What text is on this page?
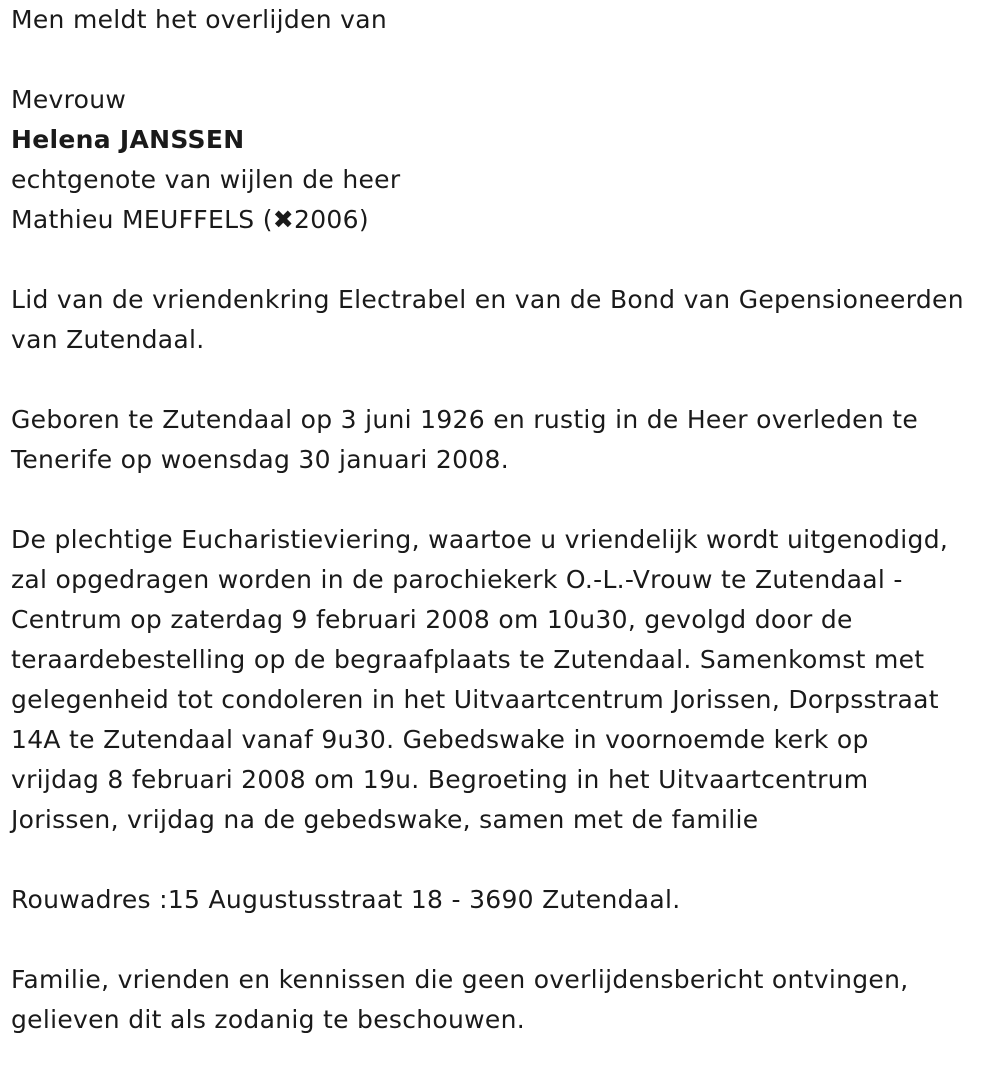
Men meldt het overlijden van
Mevrouw
Helena JANSSEN
echtgenote van wijlen de heer
Mathieu MEUFFELS (✖2006)
Lid van de vriendenkring Electrabel en van de Bond van Gepensioneerden
van Zutendaal.
Geboren te Zutendaal op 3 juni 1926 en rustig in de Heer overleden te
Tenerife op woensdag 30 januari 2008.
De plechtige Eucharistieviering, waartoe u vriendelijk wordt uitgenodigd,
zal opgedragen worden in de parochiekerk O.-L.-Vrouw te Zutendaal -
Centrum op zaterdag 9 februari 2008 om 10u30, gevolgd door de
teraardebestelling op de begraafplaats te Zutendaal. Samenkomst met
gelegenheid tot condoleren in het Uitvaartcentrum Jorissen, Dorpsstraat
14A te Zutendaal vanaf 9u30. Gebedswake in voornoemde kerk op
vrijdag 8 februari 2008 om 19u. Begroeting in het Uitvaartcentrum
Jorissen, vrijdag na de gebedswake, samen met de familie
Rouwadres :15 Augustusstraat 18 - 3690 Zutendaal.
Familie, vrienden en kennissen die geen overlijdensbericht ontvingen,
gelieven dit als zodanig te beschouwen.
